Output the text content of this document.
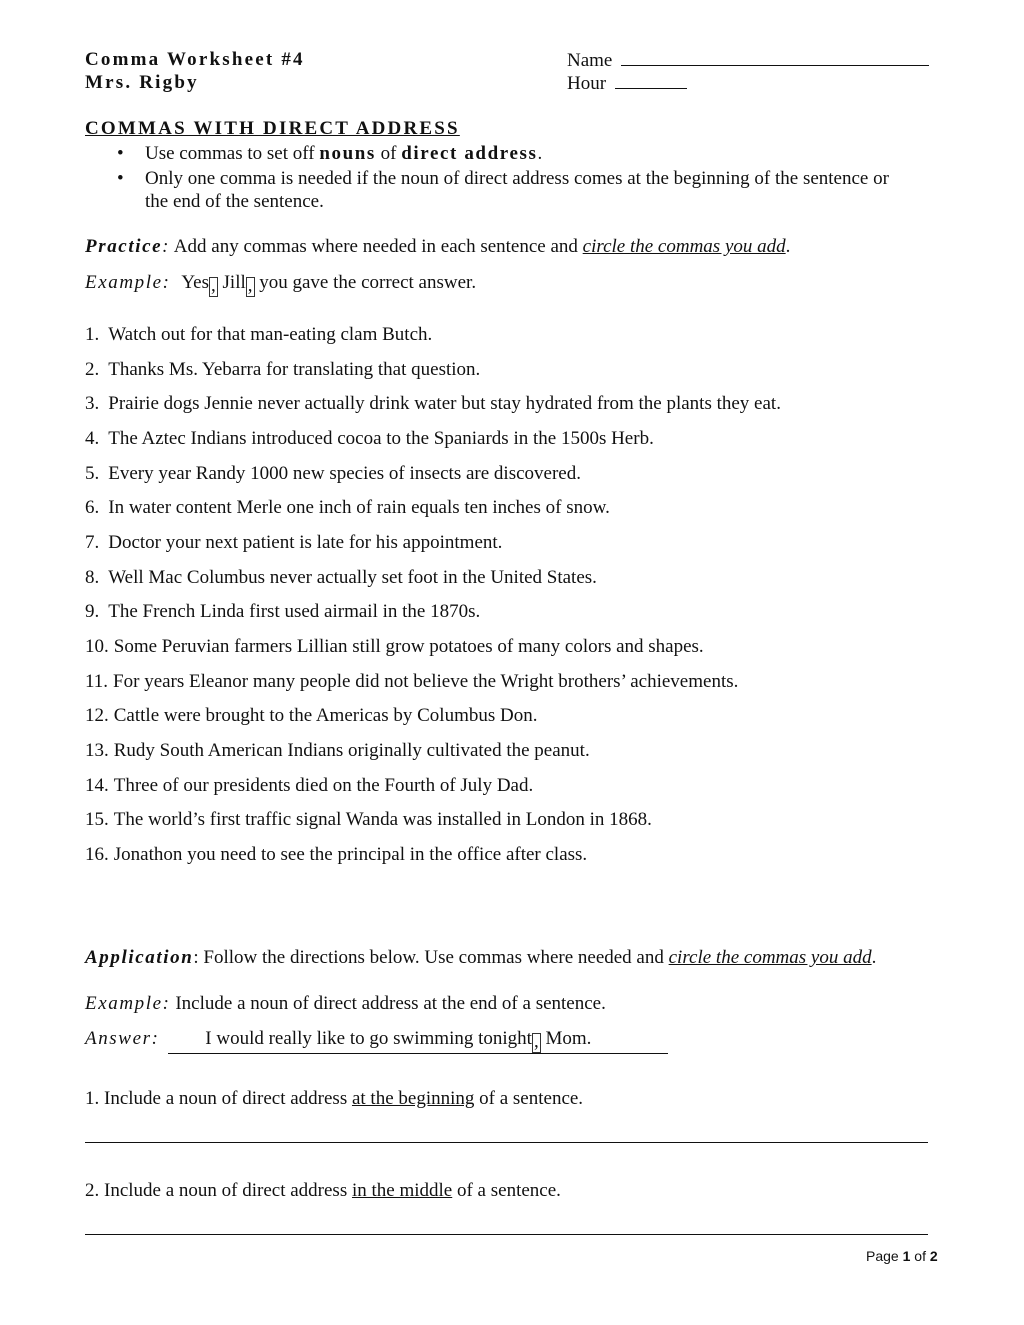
Comma Worksheet #4
Mrs. Rigby
Name
Hour
COMMAS WITH DIRECT ADDRESS
• Use commas to set off nouns of direct address.
• Only one comma is needed if the noun of direct address comes at the beginning of the sentence or
the end of the sentence.
Practice: Add any commas where needed in each sentence and circle the commas you add.
Example: Yes , Jill , you gave the correct answer.
1. Watch out for that man-eating clam Butch.
2. Thanks Ms. Yebarra for translating that question.
3. Prairie dogs Jennie never actually drink water but stay hydrated from the plants they eat.
4. The Aztec Indians introduced cocoa to the Spaniards in the 1500s Herb.
5. Every year Randy 1000 new species of insects are discovered.
6. In water content Merle one inch of rain equals ten inches of snow.
7. Doctor your next patient is late for his appointment.
8. Well Mac Columbus never actually set foot in the United States.
9. The French Linda first used airmail in the 1870s.
10. Some Peruvian farmers Lillian still grow potatoes of many colors and shapes.
11. For years Eleanor many people did not believe the Wright brothers’ achievements.
12. Cattle were brought to the Americas by Columbus Don.
13. Rudy South American Indians originally cultivated the peanut.
14. Three of our presidents died on the Fourth of July Dad.
15. The world’s first traffic signal Wanda was installed in London in 1868.
16. Jonathon you need to see the principal in the office after class.
Application: Follow the directions below. Use commas where needed and circle the commas you add.
Example: Include a noun of direct address at the end of a sentence.
Answer: I would really like to go swimming tonight , Mom.
1. Include a noun of direct address at the beginning of a sentence.
2. Include a noun of direct address in the middle of a sentence.
Page 1 of 2
